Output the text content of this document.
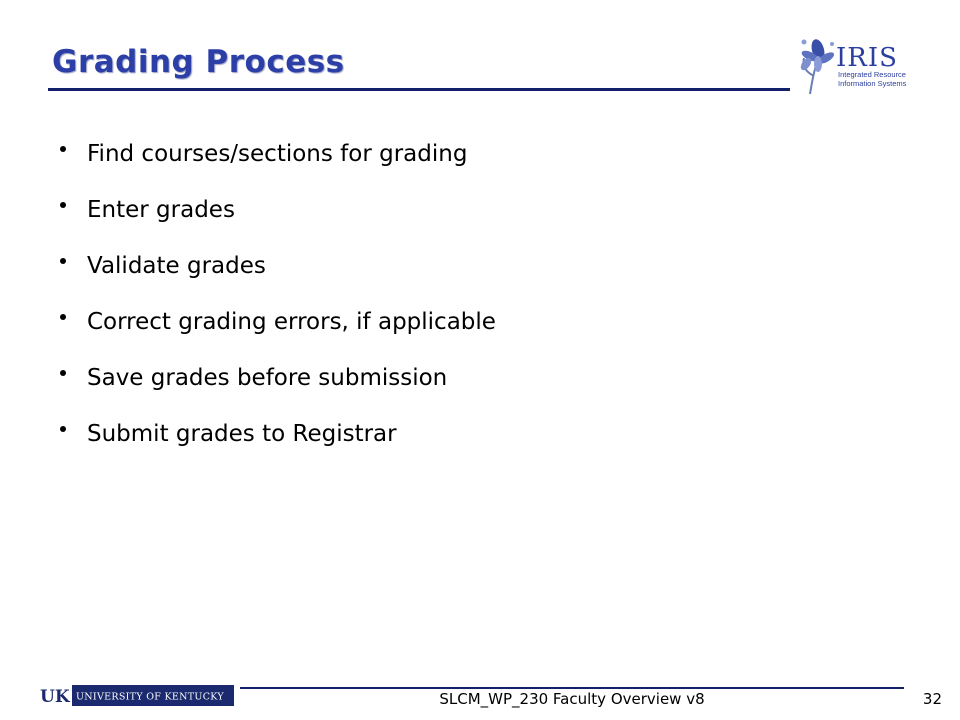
Grading Process	IRIS
Integrated Resource
Information Systems
Find courses/sections for grading
Enter grades
Validate grades
Correct grading errors, if applicable
Save grades before submission
Submit grades to Registrar
UK UNIVERSITY OF KENTUCKY	SLCM_WP_230 Faculty Overview v8	32
